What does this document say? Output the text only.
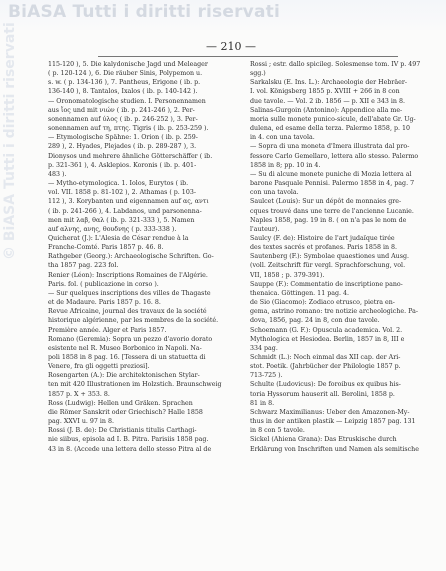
BiASA Tutti i diritti riservati
© BiASA Tutti i diritti riservati	— 210 —
115-120 ), 5. Die kalydonische Jagd und Meleager
( p. 120-124 ), 6. Die räuber Sinis, Polypemon u.
s. w. ( p. 134-136 ), 7. Pantheus, Erigone ( ib. p.
136-140 ), 8. Tantalos, Ixalos ( ib. p. 140-142 ).
— Oronomatologische studien. I. Personennamen
aus ἴος und mit νιών ( ib. p. 241-246 ), 2. Per-
sonennamen auf ύλος ( ib. p. 246-252 ), 3. Per-
sonennamen auf τη, πτης. Tigris ( ib. p. 253-259 ).
— Etymologische Spähne: 1. Orion ( ib. p. 259-
289 ), 2. Hyades, Plejades ( ib. p. 289-287 ), 3.
Dionysos und mehrere ähnliche Götterschäffer ( ib.
p. 321-361 ), 4. Asklepios. Koronis ( ib. p. 401-
483 ).
— Mytho-etymologica. 1. Iolos, Eurytos ( ib.
vol. VII. 1858 p. 81-102 ), 2. Athamas ( p. 103-
112 ), 3. Korybanten und eigennamen auf ας, αντι
( ib. p. 241-266 ), 4. Labdanos, und parsonenna-
men mit λαβ, θαλ ( ib. p. 321-333 ), 5. Namen
auf αλνης, ανης, θουδνης ( p. 333-338 ).
Quicherat (J.): L'Alesia de César rendue à la
Franche-Comté. Paris 1857 p. 46. 8.
Rathgeber (Georg.): Archaeologische Schriften. Go-
tha 1857 pag. 223 fol.
Renier (Léon): Inscriptions Romaines de l'Algérie.
Paris. fol. ( publicazione in corso ).
— Sur quelques inscriptions des villes de Thagaste
et de Madaure. Paris 1857 p. 16. 8.
Revue Africaine, journal des travaux de la société
historique algérienne, par les membres de la société.
Première année. Alger et Paris 1857.
Romano (Geremia): Sopra un pezzo d'avorio dorato
esistente nel R. Museo Borbonico in Napoli. Na-
poli 1858 in 8 pag. 16. [Tessera di un statuetta di
Venere, fra gli oggetti preziosi].
Rosengarten (A.): Die architektonischen Stylar-
ten mit 420 Illustrationen im Holzstich. Braunschweig
1857 p. X + 353. 8.
Ross (Ludwig): Hellen und Gräken. Sprachen
die Römer Sanskrit oder Griechisch? Halle 1858
pag. XXVI u. 97 in 8.
Rossi (J. B. de): De Christianis titulis Carthagi-
nie siibus, episola ad I. B. Pitra. Parisiis 1858 pag.
43 in 8. (Accede una lettera dello stesso Pitra al de
Rossi ; estr. dallo spicileg. Solesmense tom. IV p. 497
sgg.)
Sarkalsku (E. Ins. L.): Archaeologie der Hebräer-
I. vol. Königsberg 1855 p. XVIII + 266 in 8 con
due tavole. — Vol. 2 ib. 1856 — p. XII e 343 in 8.
Salinas-Gurgoin (Antonino): Appendice alla me-
moria sulle monete punico-sicule, dell'abate Gr. Ug-
dulena, ed esame della terza. Palermo 1858, p. 10
in 4. con una tavola.
— Sopra di una moneta d'Imera illustrata dal pro-
fessore Carlo Gemellaro, lettera allo stesso. Palermo
1858 in 8; pp. 10 in 4.
— Su di alcune monete puniche di Mozia lettera al
barone Pasquale Pennisi. Palermo 1858 in 4, pag. 7
con una tavola.
Saulcet (Louis): Sur un dépôt de monnaies gre-
cques trouvé dans une terre de l'ancienne Lucanie.
Naples 1858, pag. 19 in 8. ( on n'a pas le nom de
l'auteur).
Saulcy (F. de): Histoire de l'art judaïque tirée
des textes sacrés et profanes. Paris 1858 in 8.
Sautenberg (F.): Symbolae quaestiones und Ausg.
(voll. Zeitschrift für vergl. Sprachforschung, vol.
VII, 1858 ; p. 379-391).
Sauppe (F.): Commentatio de inscriptione pano-
thenaica. Göttingen. 11 pag. 4.
de Sio (Giacomo): Zodiaco etrusco, pietra en-
gema, astrino romano: tre notizie archeologiche. Pa-
dova, 1856, pag. 24 in 8, con due tavole.
Schoemann (G. F.): Opuscula academica. Vol. 2.
Mythologica et Hesiodea. Berlin, 1857 in 8, III e
334 pag.
Schmidt (L.): Noch einmal das XII cap. der Ari-
stot. Poetik. (Jahrbücher der Philologie 1857 p.
713-725 ).
Schulte (Ludovicus): De foroibus ex quibus his-
toria Hyssorum hauserit all. Berolini, 1858 p.
81 in 8.
Schwarz Maximilianus: Ueber den Amazonen-My-
thus in der antiken plastik — Leipzig 1857 pag. 131
in 8 con 5 tavole.
Sickel (Ahiena Grana): Das Etruskische durch
Erklärung von Inschriften und Namen als semitische
